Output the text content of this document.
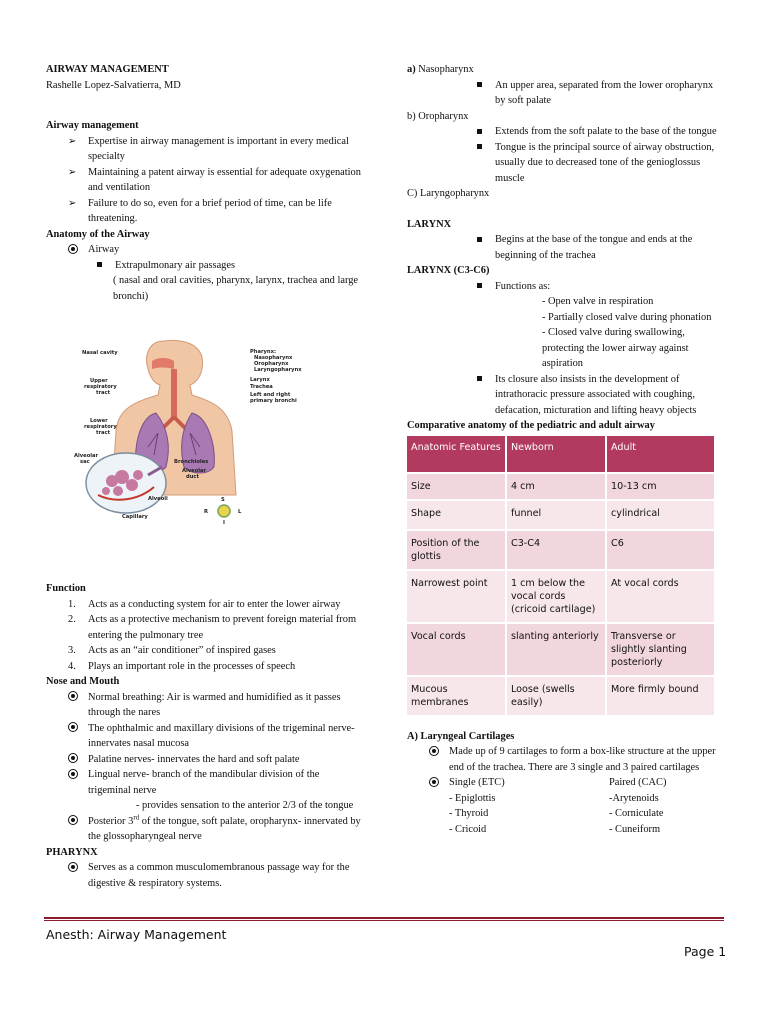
AIRWAY MANAGEMENT
Rashelle Lopez-Salvatierra, MD
Airway management
➢	Expertise in airway management is important in every medical specialty
➢	Maintaining a patent airway is essential for adequate oxygenation and ventilation
➢	Failure to do so, even for a brief period of time, can be life threatening.
Anatomy of the Airway
Airway
Extrapulmonary air passages
( nasal and oral cavities, pharynx, larynx, trachea and large bronchi)
Nasal cavity	Pharynx:
Nasopharynx
Oropharynx
Laryngopharynx
Larynx
Trachea
Left and right
primary bronchi
Upper
respiratory
tract
Lower
respiratory
tract
Alveolar
sac	Bronchioles
Alveolar
duct
Alveoli
Capillary
S
R	L
I
Function
1.	Acts as a conducting system for air to enter the lower airway
2.	Acts as a protective mechanism to prevent foreign material from entering the pulmonary tree
3.	Acts as an “air conditioner” of inspired gases
4.	Plays an important role in the processes of speech
Nose and Mouth
Normal breathing: Air is warmed and humidified as it passes through the nares
The ophthalmic and maxillary divisions of the trigeminal nerve- innervates nasal mucosa
Palatine nerves- innervates the hard and soft palate
Lingual nerve- branch of the mandibular division of the trigeminal nerve
- provides sensation to the anterior 2/3 of the tongue
Posterior 3rd of the tongue, soft palate, oropharynx- innervated by the glossopharyngeal nerve
PHARYNX
Serves as a common musculomembranous passage way for the digestive & respiratory systems.
a) Nasopharynx
An upper area, separated from the lower oropharynx by soft palate
b) Oropharynx
Extends from the soft palate to the base of the tongue
Tongue is the principal source of airway obstruction, usually due to decreased tone of the genioglossus muscle
C) Laryngopharynx
LARYNX
Begins at the base of the tongue and ends at the beginning of the trachea
LARYNX (C3-C6)
Functions as:
- Open valve in respiration
- Partially closed valve during phonation
- Closed valve during swallowing, protecting the lower airway against aspiration
Its closure also insists in the development of intrathoracic pressure associated with coughing, defacation, micturation and lifting heavy objects
Comparative anatomy of the pediatric and adult airway
Anatomic Features	Newborn	Adult
Size	4 cm	10-13 cm
Shape	funnel	cylindrical
Position of the glottis	C3-C4	C6
Narrowest point	1 cm below the vocal cords (cricoid cartilage)	At vocal cords
Vocal cords	slanting anteriorly	Transverse or slightly slanting posteriorly
Mucous membranes	Loose (swells easily)	More firmly bound
A) Laryngeal Cartilages
Made up of 9 cartilages to form a box-like structure at the upper end of the trachea. There are 3 single and 3 paired cartilages
Single (ETC)
- Epiglottis
- Thyroid
- Cricoid
Paired (CAC)
-Arytenoids
- Corniculate
- Cuneiform
Anesth: Airway Management
Page 1
